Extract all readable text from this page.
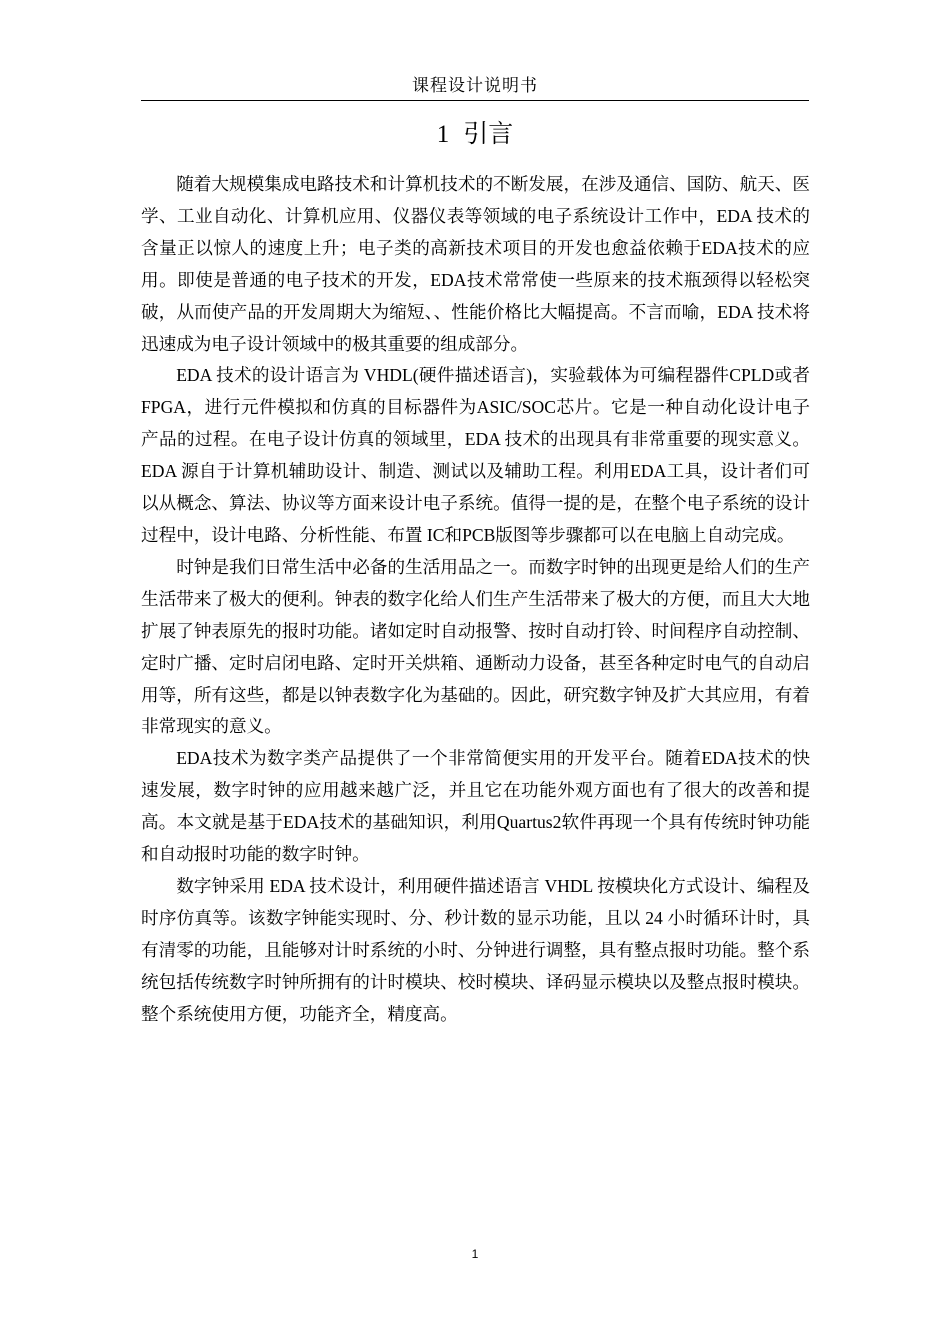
课程设计说明书
1 引言

随着大规模集成电路技术和计算机技术的不断发展，在涉及通信、国防、航天、医学、工业自动化、计算机应用、仪器仪表等领域的电子系统设计工作中，EDA 技术的含量正以惊人的速度上升；电子类的高新技术项目的开发也愈益依赖于EDA技术的应用。即使是普通的电子技术的开发，EDA技术常常使一些原来的技术瓶颈得以轻松突破，从而使产品的开发周期大为缩短、、性能价格比大幅提高。不言而喻，EDA 技术将迅速成为电子设计领域中的极其重要的组成部分。

EDA 技术的设计语言为 VHDL(硬件描述语言)，实验载体为可编程器件CPLD或者FPGA，进行元件模拟和仿真的目标器件为ASIC/SOC芯片。它是一种自动化设计电子产品的过程。在电子设计仿真的领域里，EDA 技术的出现具有非常重要的现实意义。EDA 源自于计算机辅助设计、制造、测试以及辅助工程。利用EDA工具，设计者们可以从概念、算法、协议等方面来设计电子系统。值得一提的是，在整个电子系统的设计过程中，设计电路、分析性能、布置 IC和PCB版图等步骤都可以在电脑上自动完成。

时钟是我们日常生活中必备的生活用品之一。而数字时钟的出现更是给人们的生产生活带来了极大的便利。钟表的数字化给人们生产生活带来了极大的方便，而且大大地扩展了钟表原先的报时功能。诸如定时自动报警、按时自动打铃、时间程序自动控制、定时广播、定时启闭电路、定时开关烘箱、通断动力设备，甚至各种定时电气的自动启用等，所有这些，都是以钟表数字化为基础的。因此，研究数字钟及扩大其应用，有着非常现实的意义。

EDA技术为数字类产品提供了一个非常简便实用的开发平台。随着EDA技术的快速发展，数字时钟的应用越来越广泛，并且它在功能外观方面也有了很大的改善和提高。本文就是基于EDA技术的基础知识，利用Quartus2软件再现一个具有传统时钟功能和自动报时功能的数字时钟。

数字钟采用 EDA 技术设计，利用硬件描述语言 VHDL 按模块化方式设计、编程及时序仿真等。该数字钟能实现时、分、秒计数的显示功能，且以 24 小时循环计时，具有清零的功能，且能够对计时系统的小时、分钟进行调整，具有整点报时功能。整个系统包括传统数字时钟所拥有的计时模块、校时模块、译码显示模块以及整点报时模块。整个系统使用方便，功能齐全，精度高。

1
